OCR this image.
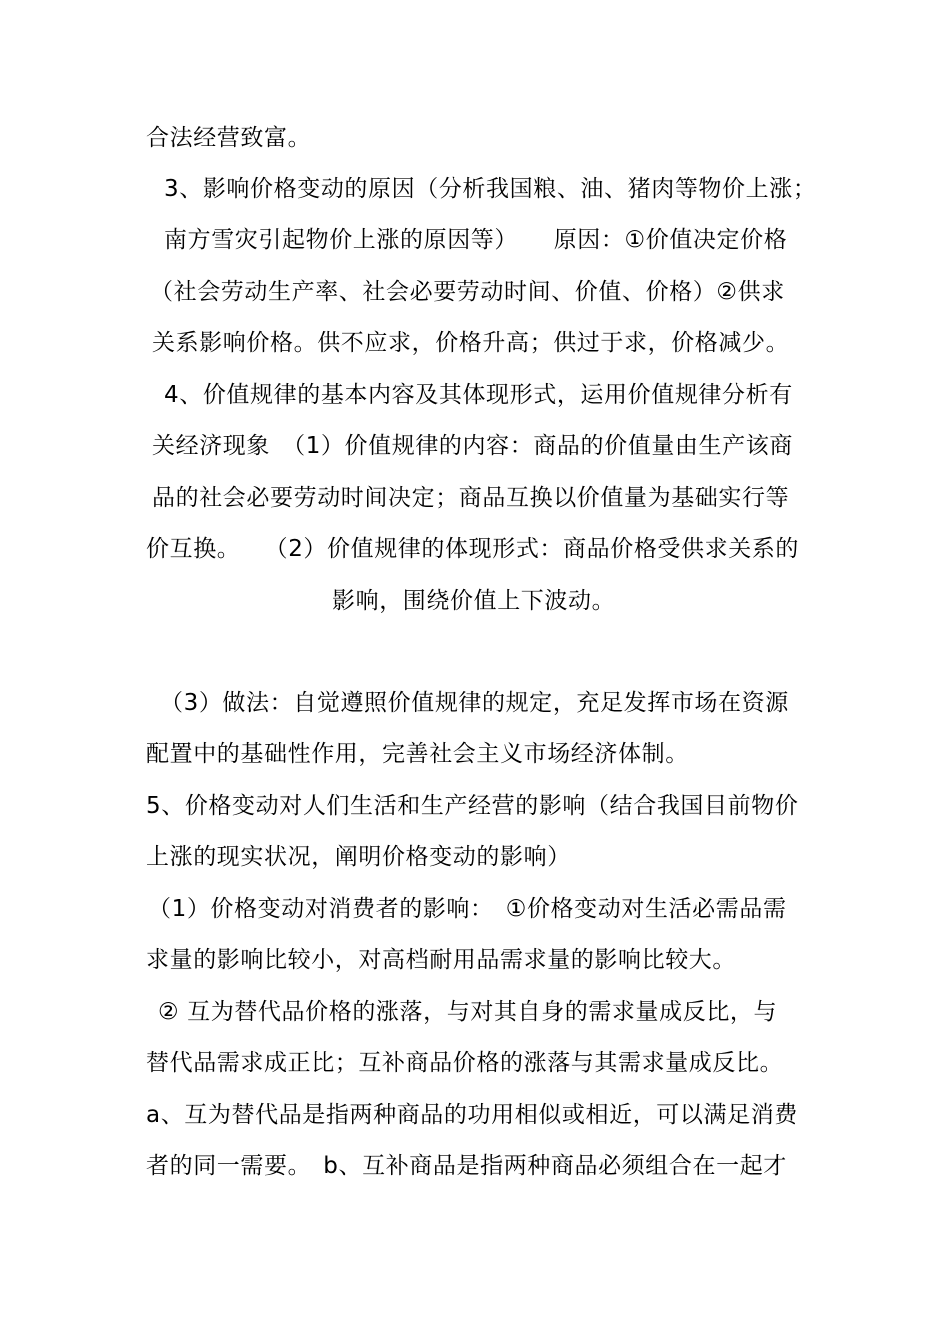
合法经营致富。
3、影响价格变动的原因（分析我国粮、油、猪肉等物价上涨；
南方雪灾引起物价上涨的原因等）　　原因：①价值决定价格
（社会劳动生产率、社会必要劳动时间、价值、价格）②供求
关系影响价格。供不应求，价格升高；供过于求，价格减少。
4、价值规律的基本内容及其体现形式，运用价值规律分析有
关经济现象　（1）价值规律的内容：商品的价值量由生产该商
品的社会必要劳动时间决定；商品互换以价值量为基础实行等
价互换。　　（2）价值规律的体现形式：商品价格受供求关系的
影响，围绕价值上下波动。
（3）做法：自觉遵照价值规律的规定，充足发挥市场在资源
配置中的基础性作用，完善社会主义市场经济体制。
5、价格变动对人们生活和生产经营的影响（结合我国目前物价
上涨的现实状况，阐明价格变动的影响）
（1）价格变动对消费者的影响：　①价格变动对生活必需品需
求量的影响比较小，对高档耐用品需求量的影响比较大。
② 互为替代品价格的涨落，与对其自身的需求量成反比，与
替代品需求成正比；互补商品价格的涨落与其需求量成反比。
a、互为替代品是指两种商品的功用相似或相近，可以满足消费
者的同一需要。　b、互补商品是指两种商品必须组合在一起才
